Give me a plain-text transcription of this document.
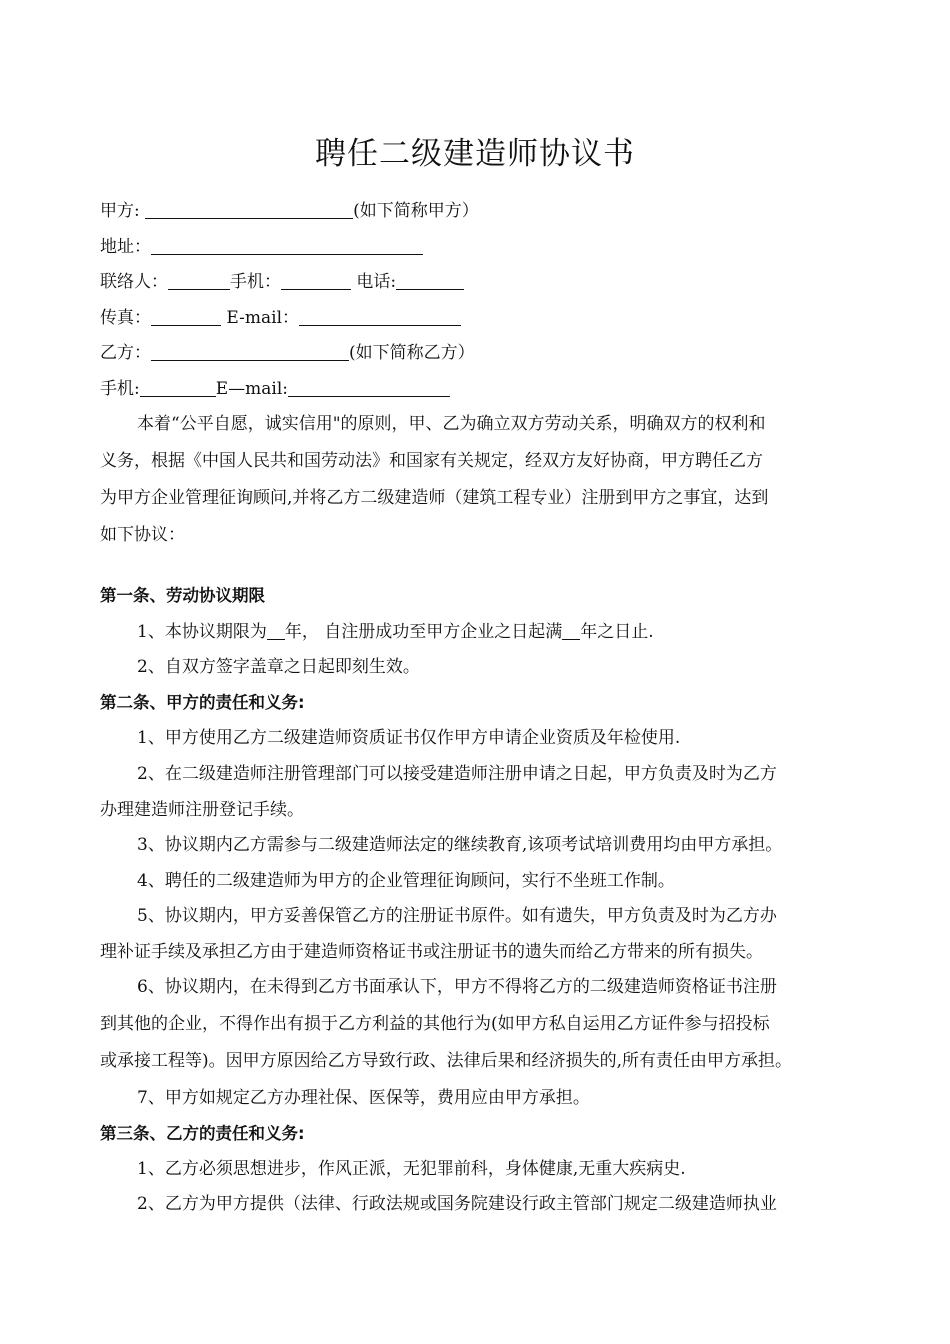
聘任二级建造师协议书
甲方:	(如下简称甲方）
地址：
联络人：	手机：	电话:
传真：	E-mail：
乙方：	(如下简称乙方）
手机:	E—mail:
本着“公平自愿，诚实信用"的原则，甲、乙为确立双方劳动关系，明确双方的权利和
义务，根据《中国人民共和国劳动法》和国家有关规定，经双方友好协商，甲方聘任乙方
为甲方企业管理征询顾问,并将乙方二级建造师（建筑工程专业）注册到甲方之事宜，达到
如下协议：
第一条、劳动协议期限
1、本协议期限为 年， 自注册成功至甲方企业之日起满 年之日止.
2、自双方签字盖章之日起即刻生效。
第二条、甲方的责任和义务:
1、甲方使用乙方二级建造师资质证书仅作甲方申请企业资质及年检使用.
2、在二级建造师注册管理部门可以接受建造师注册申请之日起，甲方负责及时为乙方
办理建造师注册登记手续。
3、协议期内乙方需参与二级建造师法定的继续教育,该项考试培训费用均由甲方承担。
4、聘任的二级建造师为甲方的企业管理征询顾问，实行不坐班工作制。
5、协议期内，甲方妥善保管乙方的注册证书原件。如有遗失，甲方负责及时为乙方办
理补证手续及承担乙方由于建造师资格证书或注册证书的遗失而给乙方带来的所有损失。
6、协议期内，在未得到乙方书面承认下，甲方不得将乙方的二级建造师资格证书注册
到其他的企业，不得作出有损于乙方利益的其他行为(如甲方私自运用乙方证件参与招投标
或承接工程等)。因甲方原因给乙方导致行政、法律后果和经济损失的,所有责任由甲方承担。
7、甲方如规定乙方办理社保、医保等，费用应由甲方承担。
第三条、乙方的责任和义务:
1、乙方必须思想进步，作风正派，无犯罪前科，身体健康,无重大疾病史.
2、乙方为甲方提供（法律、行政法规或国务院建设行政主管部门规定二级建造师执业
